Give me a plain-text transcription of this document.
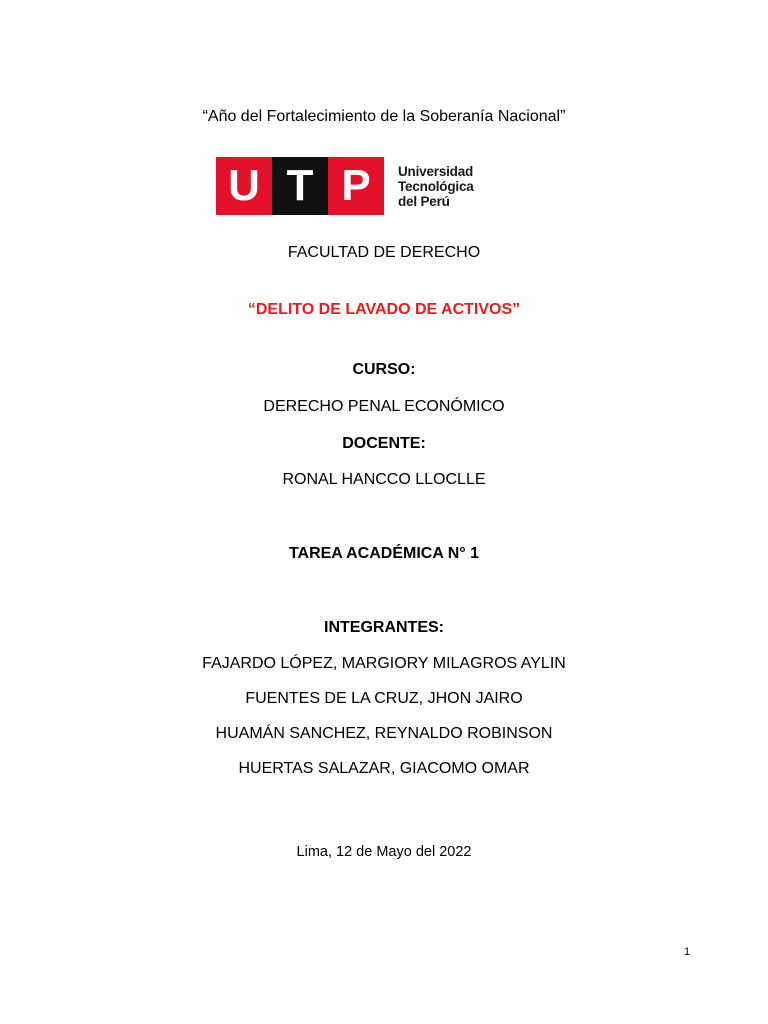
“Año del Fortalecimiento de la Soberanía Nacional”
U T P	Universidad
Tecnológica
del Perú
FACULTAD DE DERECHO
“DELITO DE LAVADO DE ACTIVOS”
CURSO:
DERECHO PENAL ECONÓMICO
DOCENTE:
RONAL HANCCO LLOCLLE
TAREA ACADÉMICA N° 1
INTEGRANTES:
FAJARDO LÓPEZ, MARGIORY MILAGROS AYLIN
FUENTES DE LA CRUZ, JHON JAIRO
HUAMÁN SANCHEZ, REYNALDO ROBINSON
HUERTAS SALAZAR, GIACOMO OMAR
Lima, 12 de Mayo del 2022
1
